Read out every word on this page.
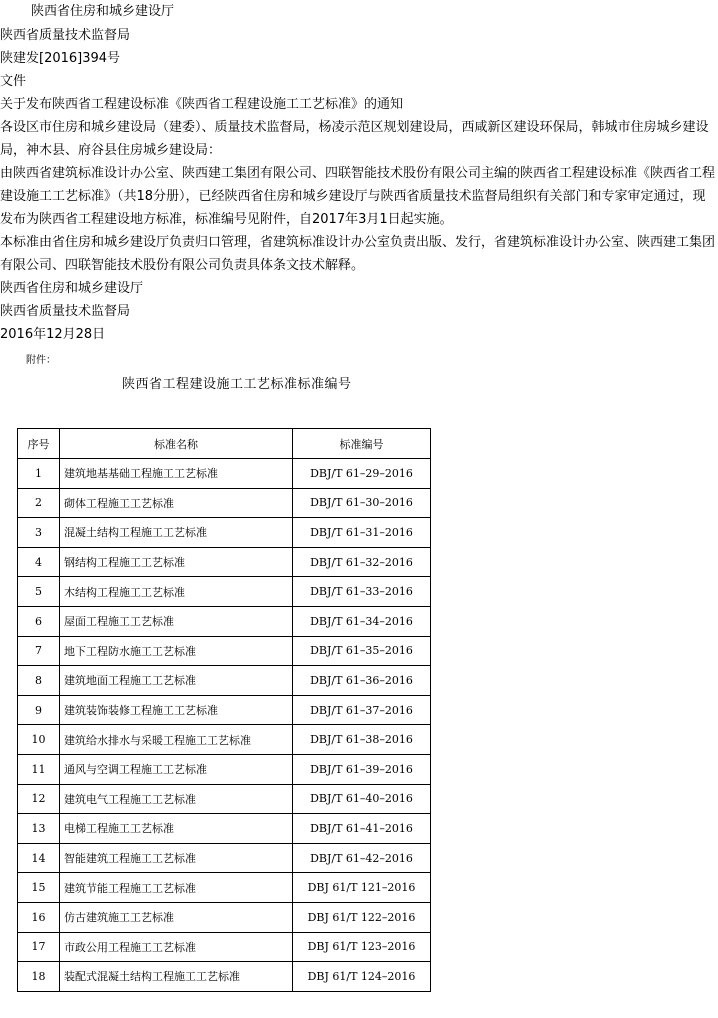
陕西省住房和城乡建设厅
陕西省质量技术监督局
陕建发[2016]394号
文件
关于发布陕西省工程建设标准《陕西省工程建设施工工艺标准》的通知
各设区市住房和城乡建设局（建委）、质量技术监督局，杨凌示范区规划建设局，西咸新区建设环保局，韩城市住房城乡建设局，神木县、府谷县住房城乡建设局：
由陕西省建筑标准设计办公室、陕西建工集团有限公司、四联智能技术股份有限公司主编的陕西省工程建设标准《陕西省工程建设施工工艺标准》（共18分册），已经陕西省住房和城乡建设厅与陕西省质量技术监督局组织有关部门和专家审定通过，现发布为陕西省工程建设地方标准，标准编号见附件，自2017年3月1日起实施。
本标准由省住房和城乡建设厅负责归口管理，省建筑标准设计办公室负责出版、发行，省建筑标准设计办公室、陕西建工集团有限公司、四联智能技术股份有限公司负责具体条文技术解释。
陕西省住房和城乡建设厅
陕西省质量技术监督局
2016年12月28日
附件：
陕西省工程建设施工工艺标准标准编号
序号	标准名称	标准编号
1	建筑地基基础工程施工工艺标准	DBJ/T 61–29–2016
2	砌体工程施工工艺标准	DBJ/T 61–30–2016
3	混凝土结构工程施工工艺标准	DBJ/T 61–31–2016
4	钢结构工程施工工艺标准	DBJ/T 61–32–2016
5	木结构工程施工工艺标准	DBJ/T 61–33–2016
6	屋面工程施工工艺标准	DBJ/T 61–34–2016
7	地下工程防水施工工艺标准	DBJ/T 61–35–2016
8	建筑地面工程施工工艺标准	DBJ/T 61–36–2016
9	建筑装饰装修工程施工工艺标准	DBJ/T 61–37–2016
10	建筑给水排水与采暖工程施工工艺标准	DBJ/T 61–38–2016
11	通风与空调工程施工工艺标准	DBJ/T 61–39–2016
12	建筑电气工程施工工艺标准	DBJ/T 61–40–2016
13	电梯工程施工工艺标准	DBJ/T 61–41–2016
14	智能建筑工程施工工艺标准	DBJ/T 61–42–2016
15	建筑节能工程施工工艺标准	DBJ 61/T 121–2016
16	仿古建筑施工工艺标准	DBJ 61/T 122–2016
17	市政公用工程施工工艺标准	DBJ 61/T 123–2016
18	装配式混凝土结构工程施工工艺标准	DBJ 61/T 124–2016
